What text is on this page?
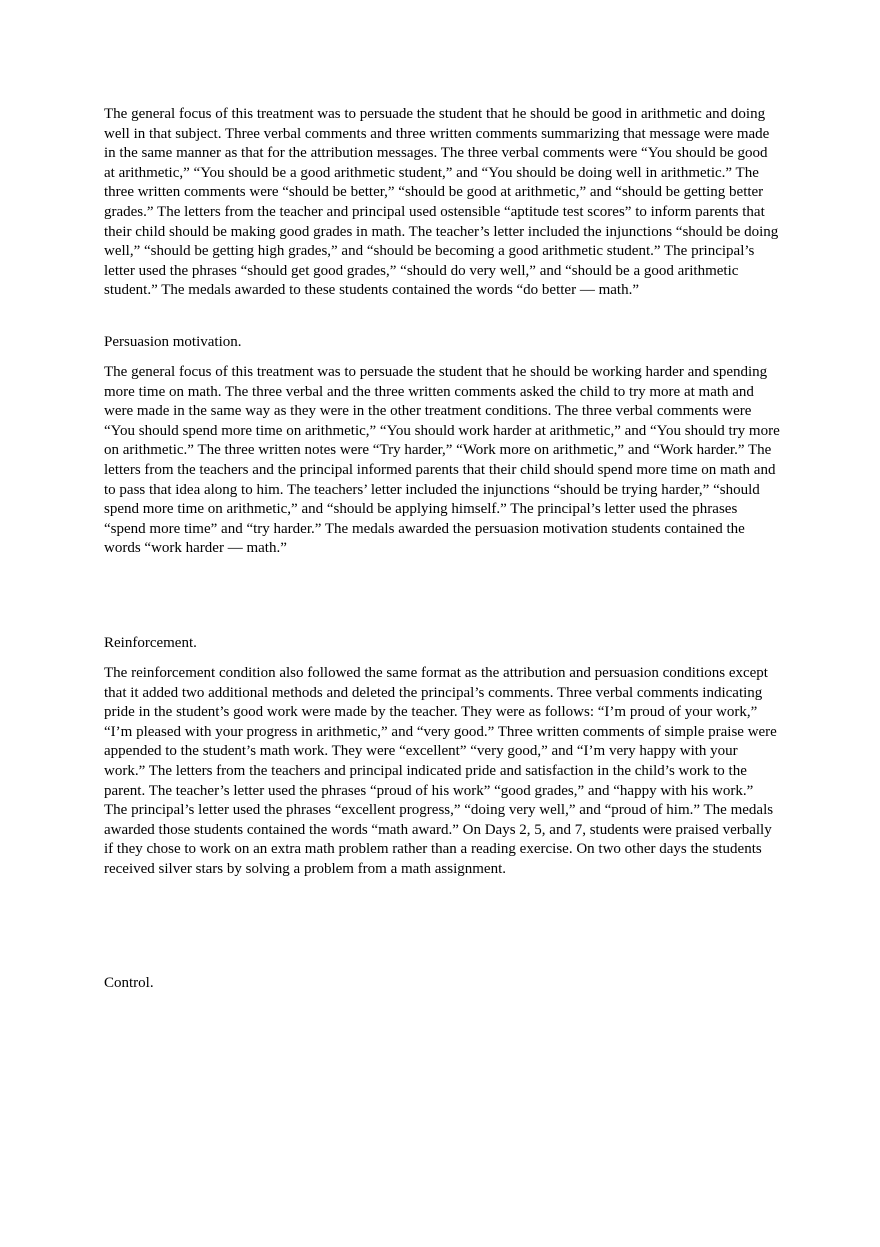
The general focus of this treatment was to persuade the student that he should be good in arithmetic and doing well in that subject. Three verbal comments and three written comments summarizing that message were made in the same manner as that for the attribution messages. The three verbal comments were “You should be good at arithmetic,” “You should be a good arithmetic student,” and “You should be doing well in arithmetic.” The three written comments were “should be better,” “should be good at arithmetic,” and “should be getting better grades.” The letters from the teacher and principal used ostensible “aptitude test scores” to inform parents that their child should be making good grades in math. The teacher’s letter included the injunctions “should be doing well,” “should be getting high grades,” and “should be becoming a good arithmetic student.” The principal’s letter used the phrases “should get good grades,” “should do very well,” and “should be a good arithmetic student.” The medals awarded to these students contained the words “do better — math.”

Persuasion motivation.

The general focus of this treatment was to persuade the student that he should be working harder and spending more time on math. The three verbal and the three written comments asked the child to try more at math and were made in the same way as they were in the other treatment conditions. The three verbal comments were “You should spend more time on arithmetic,” “You should work harder at arithmetic,” and “You should try more on arithmetic.” The three written notes were “Try harder,” “Work more on arithmetic,” and “Work harder.” The letters from the teachers and the principal informed parents that their child should spend more time on math and to pass that idea along to him. The teachers’ letter included the injunctions “should be trying harder,” “should spend more time on arithmetic,” and “should be applying himself.” The principal’s letter used the phrases “spend more time” and “try harder.” The medals awarded the persuasion motivation students contained the words “work harder — math.”

Reinforcement.

The reinforcement condition also followed the same format as the attribution and persuasion conditions except that it added two additional methods and deleted the principal’s comments. Three verbal comments indicating pride in the student’s good work were made by the teacher. They were as follows: “I’m proud of your work,” “I’m pleased with your progress in arithmetic,” and “very good.” Three written comments of simple praise were appended to the student’s math work. They were “excellent” “very good,” and “I’m very happy with your work.” The letters from the teachers and principal indicated pride and satisfaction in the child’s work to the parent. The teacher’s letter used the phrases “proud of his work” “good grades,” and “happy with his work.” The principal’s letter used the phrases “excellent progress,” “doing very well,” and “proud of him.” The medals awarded those students contained the words “math award.” On Days 2, 5, and 7, students were praised verbally if they chose to work on an extra math problem rather than a reading exercise. On two other days the students received silver stars by solving a problem from a math assignment.

Control.
